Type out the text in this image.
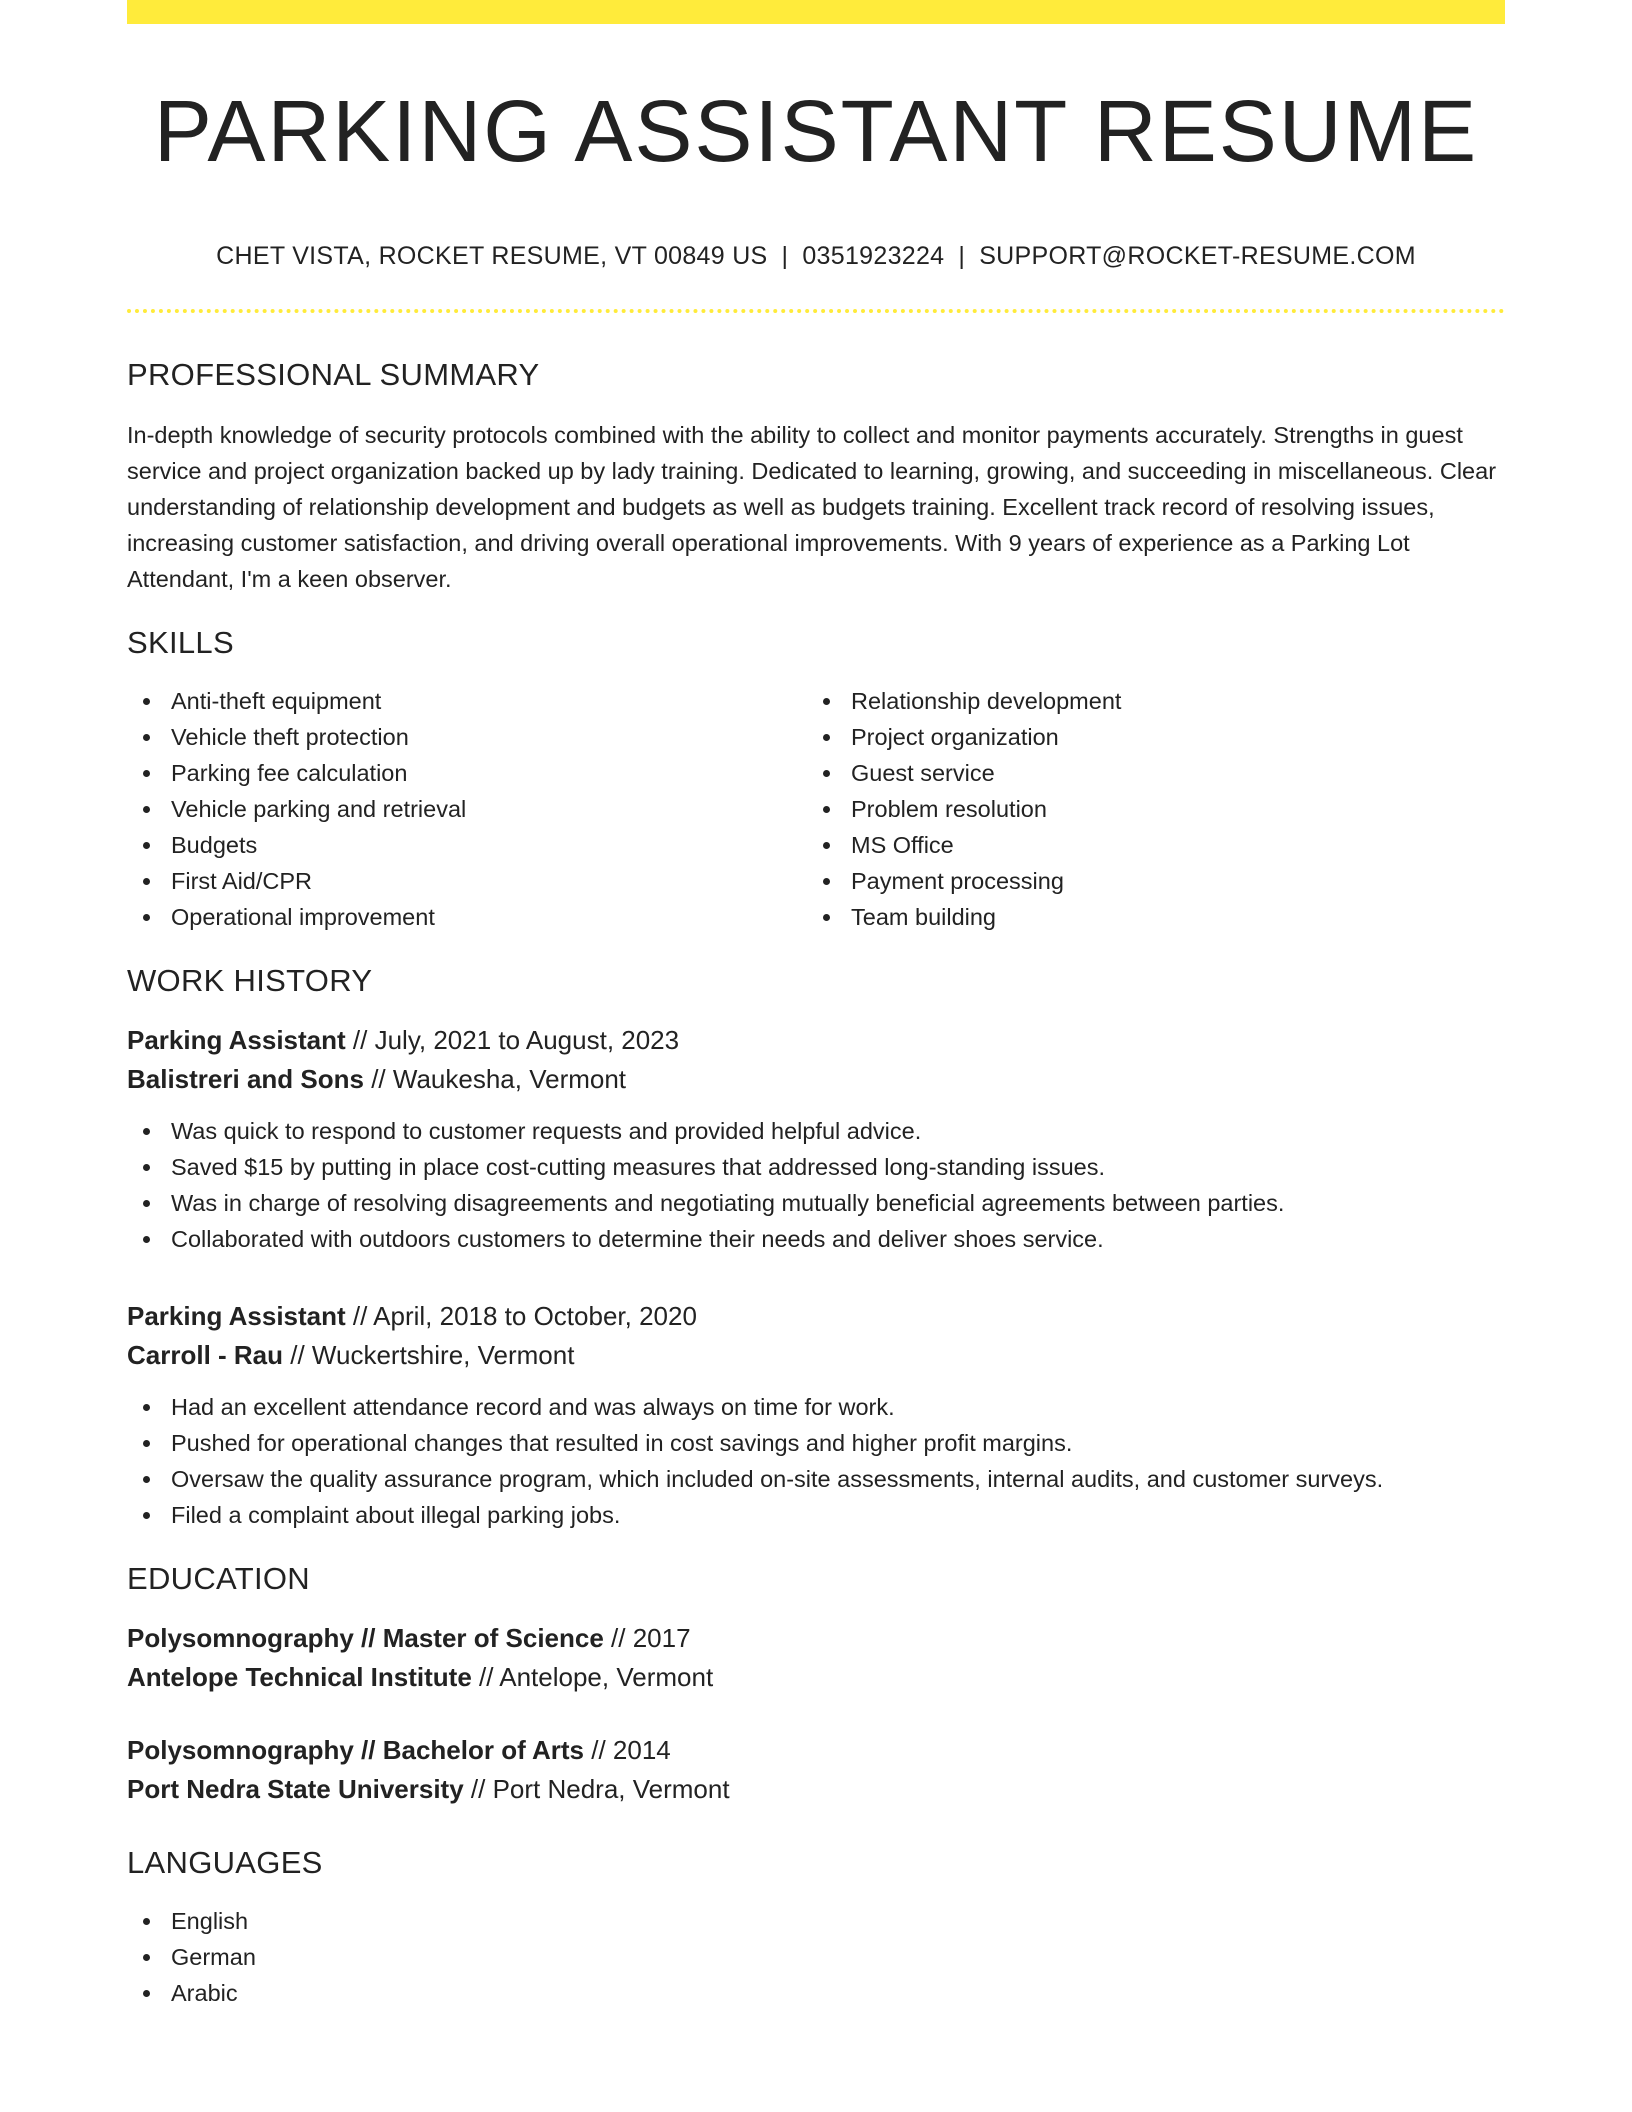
PARKING ASSISTANT RESUME
CHET VISTA, ROCKET RESUME, VT 00849 US | 0351923224 | SUPPORT@ROCKET-RESUME.COM
PROFESSIONAL SUMMARY
In-depth knowledge of security protocols combined with the ability to collect and monitor payments accurately. Strengths in guest service and project organization backed up by lady training. Dedicated to learning, growing, and succeeding in miscellaneous. Clear understanding of relationship development and budgets as well as budgets training. Excellent track record of resolving issues, increasing customer satisfaction, and driving overall operational improvements. With 9 years of experience as a Parking Lot Attendant, I'm a keen observer.
SKILLS
Anti-theft equipment
Vehicle theft protection
Parking fee calculation
Vehicle parking and retrieval
Budgets
First Aid/CPR
Operational improvement
Relationship development
Project organization
Guest service
Problem resolution
MS Office
Payment processing
Team building
WORK HISTORY
Parking Assistant // July, 2021 to August, 2023
Balistreri and Sons // Waukesha, Vermont
Was quick to respond to customer requests and provided helpful advice.
Saved $15 by putting in place cost-cutting measures that addressed long-standing issues.
Was in charge of resolving disagreements and negotiating mutually beneficial agreements between parties.
Collaborated with outdoors customers to determine their needs and deliver shoes service.
Parking Assistant // April, 2018 to October, 2020
Carroll - Rau // Wuckertshire, Vermont
Had an excellent attendance record and was always on time for work.
Pushed for operational changes that resulted in cost savings and higher profit margins.
Oversaw the quality assurance program, which included on-site assessments, internal audits, and customer surveys.
Filed a complaint about illegal parking jobs.
EDUCATION
Polysomnography // Master of Science // 2017
Antelope Technical Institute // Antelope, Vermont
Polysomnography // Bachelor of Arts // 2014
Port Nedra State University // Port Nedra, Vermont
LANGUAGES
English
German
Arabic
